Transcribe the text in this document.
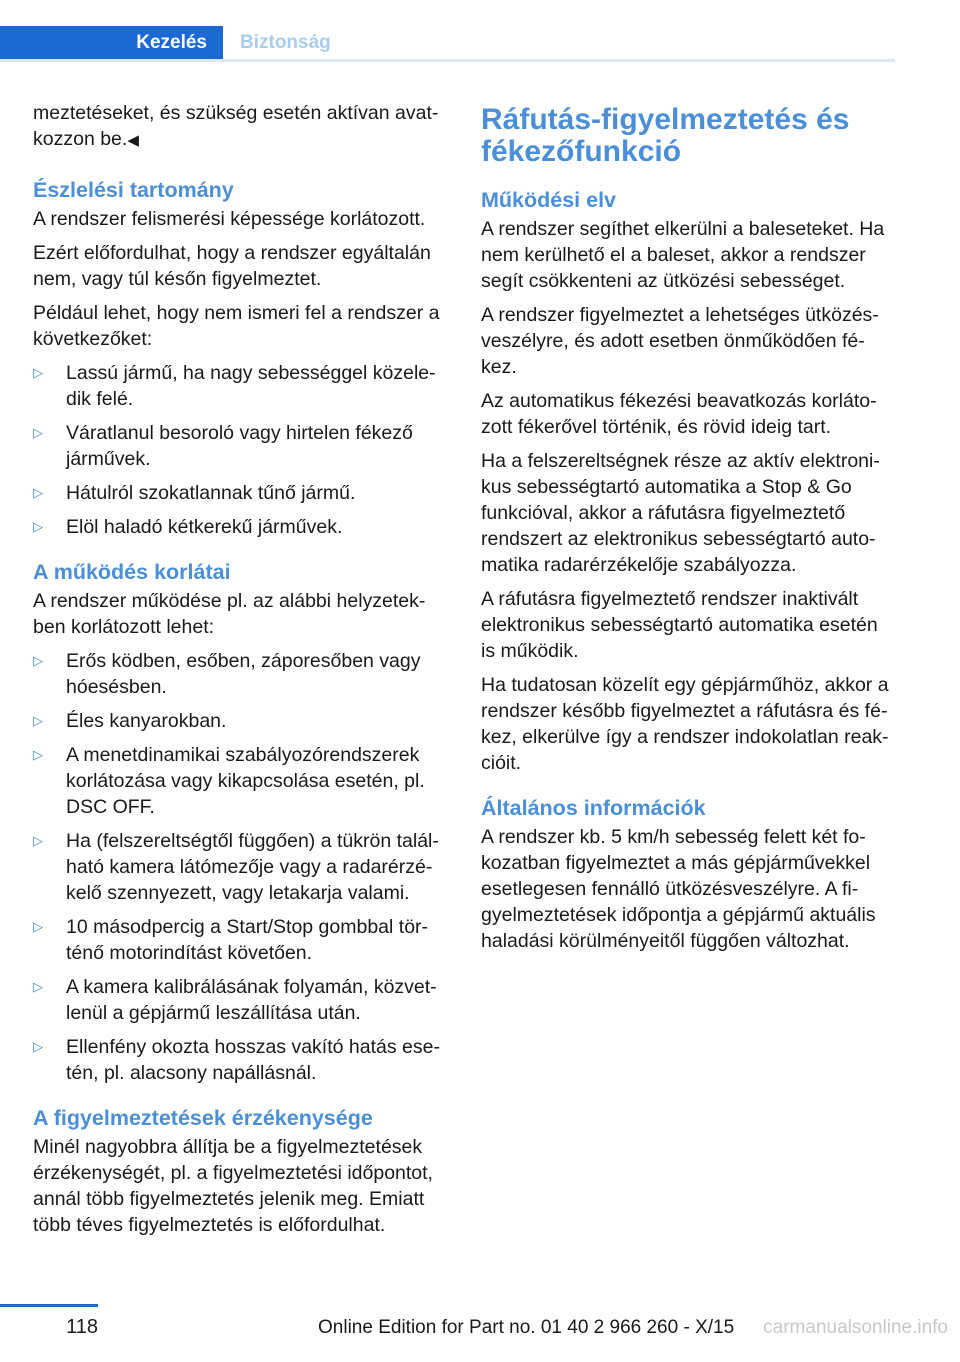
Kezelés	Biztonság

meztetéseket, és szükség esetén aktívan avat‐kozzon be.◀

Észlelési tartomány

A rendszer felismerési képessége korlátozott.

Ezért előfordulhat, hogy a rendszer egyáltalán nem, vagy túl későn figyelmeztet.

Például lehet, hogy nem ismeri fel a rendszer a következőket:

▷ Lassú jármű, ha nagy sebességgel közele‐dik felé.
▷ Váratlanul besoroló vagy hirtelen fékező járművek.
▷ Hátulról szokatlannak tűnő jármű.
▷ Elöl haladó kétkerekű járművek.
A működés korlátai

A rendszer működése pl. az alábbi helyzetek‐ben korlátozott lehet:

▷ Erős ködben, esőben, záporesőben vagy hóesésben.
▷ Éles kanyarokban.
▷ A menetdinamikai szabályozórendszerek korlátozása vagy kikapcsolása esetén, pl. DSC OFF.
▷ Ha (felszereltségtől függően) a tükrön talál‐ható kamera látómezője vagy a radarérzé‐kelő szennyezett, vagy letakarja valami.
▷ 10 másodpercig a Start/Stop gombbal tör‐ténő motorindítást követően.
▷ A kamera kalibrálásának folyamán, közvet‐lenül a gépjármű leszállítása után.
▷ Ellenfény okozta hosszas vakító hatás ese‐tén, pl. alacsony napállásnál.
A figyelmeztetések érzékenysége

Minél nagyobbra állítja be a figyelmeztetések érzékenységét, pl. a figyelmeztetési időpontot, annál több figyelmeztetés jelenik meg. Emiatt több téves figyelmeztetés is előfordulhat.

Ráfutás-figyelmeztetés és fékezőfunkció
Működési elv

A rendszer segíthet elkerülni a baleseteket. Ha nem kerülhető el a baleset, akkor a rendszer segít csökkenteni az ütközési sebességet.

A rendszer figyelmeztet a lehetséges ütközés‐veszélyre, és adott esetben önműködően fé‐kez.

Az automatikus fékezési beavatkozás korláto‐zott fékerővel történik, és rövid ideig tart.

Ha a felszereltségnek része az aktív elektroni‐kus sebességtartó automatika a Stop & Go funkcióval, akkor a ráfutásra figyelmeztető rendszert az elektronikus sebességtartó auto‐matika radarérzékelője szabályozza.

A ráfutásra figyelmeztető rendszer inaktivált elektronikus sebességtartó automatika esetén is működik.

Ha tudatosan közelít egy gépjárműhöz, akkor a rendszer később figyelmeztet a ráfutásra és fé‐kez, elkerülve így a rendszer indokolatlan reak‐cióit.

Általános információk

A rendszer kb. 5 km/h sebesség felett két fo‐kozatban figyelmeztet a más gépjárművekkel esetlegesen fennálló ütközésveszélyre. A fi‐gyelmeztetések időpontja a gépjármű aktuális haladási körülményeitől függően változhat.

118	Online Edition for Part no. 01 40 2 966 260 - X/15 carmanualsonline.info
